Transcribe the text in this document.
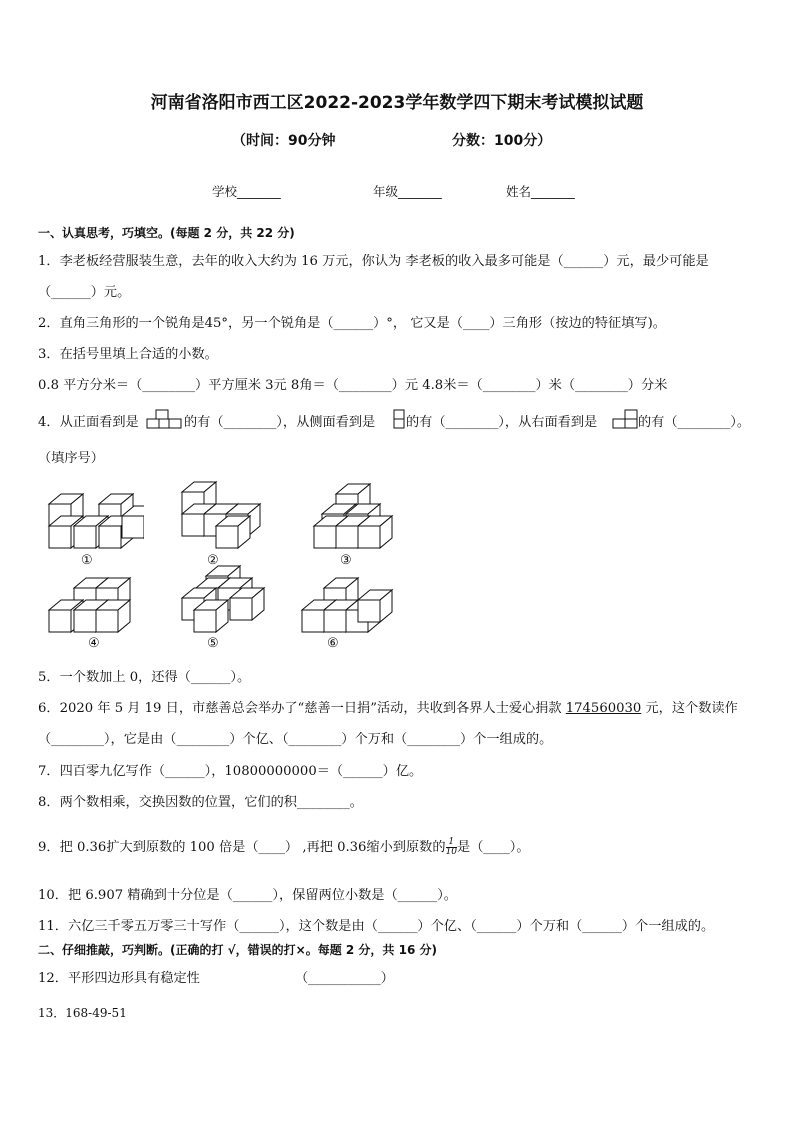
河南省洛阳市西工区2022-2023学年数学四下期末考试模拟试题
（时间：90分钟	分数：100分）
学校_______	年级_______	姓名_______
一、认真思考，巧填空。(每题 2 分，共 22 分)
1．李老板经营服装生意，去年的收入大约为 16 万元，你认为 李老板的收入最多可能是（______）元，最少可能是
（______）元。
2．直角三角形的一个锐角是45°，另一个锐角是（______）°， 它又是（____）三角形（按边的特征填写)。
3．在括号里填上合适的小数。
0.8 平方分米＝（________）平方厘米 3元 8角＝（________）元 4.8米＝（________）米（________）分米
4．从正面看到是	的有（________），从侧面看到是 的有（________），从右面看到是	的有（________）。
（填序号）
①	②	③
④	⑤	⑥
5．一个数加上 0，还得（______）。
6．2020 年 5 月 19 日，市慈善总会举办了“慈善一日捐”活动，共收到各界人士爱心捐款 174560030 元，这个数读作
（________），它是由（________）个亿、（________）个万和（________）个一组成的。
7．四百零九亿写作（______），10800000000＝（______）亿。
8．两个数相乘，交换因数的位置，它们的积________。
9．把 0.36扩大到原数的 100 倍是（____） ,再把 0.36缩小到原数的 $\frac{1}{10}$ 是（____）。
10．把 6.907 精确到十分位是（______），保留两位小数是（______）。
11．六亿三千零五万零三十写作（______），这个数是由（______）个亿、（______）个万和（______）个一组成的。
二、仔细推敲，巧判断。(正确的打 √，错误的打×。每题 2 分，共 16 分)
12．平形四边形具有稳定性	（___________）
13．168-49-51
